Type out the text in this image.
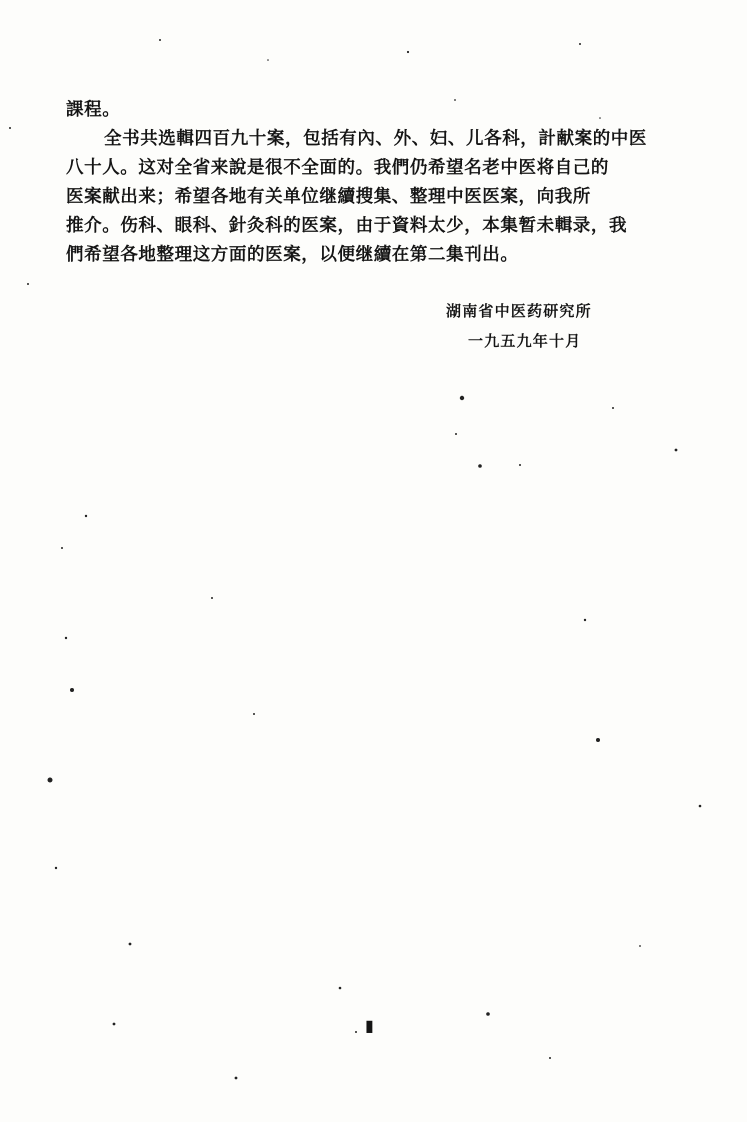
課程。
全书共选輯四百九十案，包括有內、外、妇、儿各科，計献案的中医
八十人。这对全省来說是很不全面的。我們仍希望名老中医将自己的
医案献出来；希望各地有关单位继續搜集、整理中医医案，向我所
推介。伤科、眼科、針灸科的医案，由于資料太少，本集暂未輯录，我
們希望各地整理这方面的医案，以便继續在第二集刊出。
湖南省中医药研究所
一九五九年十月
▮
